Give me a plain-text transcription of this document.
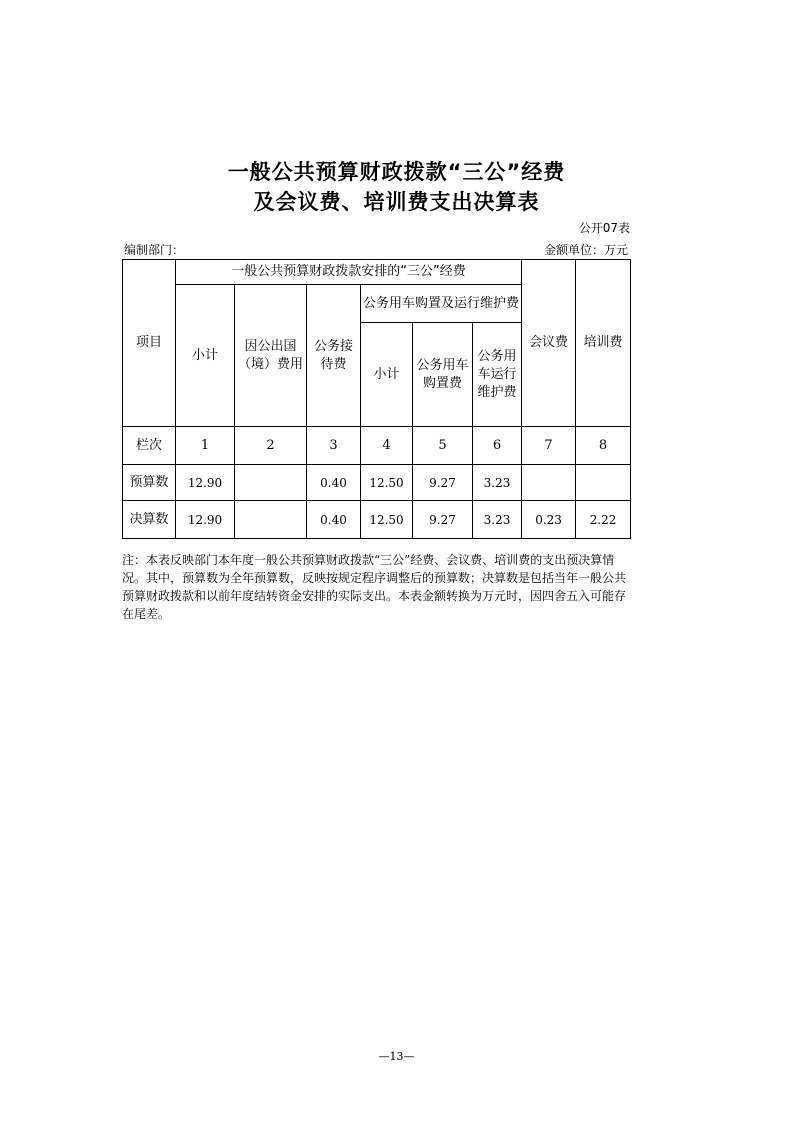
一般公共预算财政拨款“三公”经费
及会议费、培训费支出决算表
公开07表
编制部门：	金额单位：万元
项目	一般公共预算财政拨款安排的“三公”经费						会议费	培训费
	小计	因公出国（境）费用	公务接待费	公务用车购置及运行维护费				
				小计	公务用车购置费	公务用车运行维护费		

栏次	1	2	3	4	5	6	7	8
预算数	12.90		0.40	12.50	9.27	3.23		
决算数	12.90		0.40	12.50	9.27	3.23	0.23	2.22
注：本表反映部门本年度一般公共预算财政拨款“三公”经费、会议费、培训费的支出预决算情况。其中，预算数为全年预算数，反映按规定程序调整后的预算数；决算数是包括当年一般公共预算财政拨款和以前年度结转资金安排的实际支出。本表金额转换为万元时，因四舍五入可能存在尾差。
—13—
